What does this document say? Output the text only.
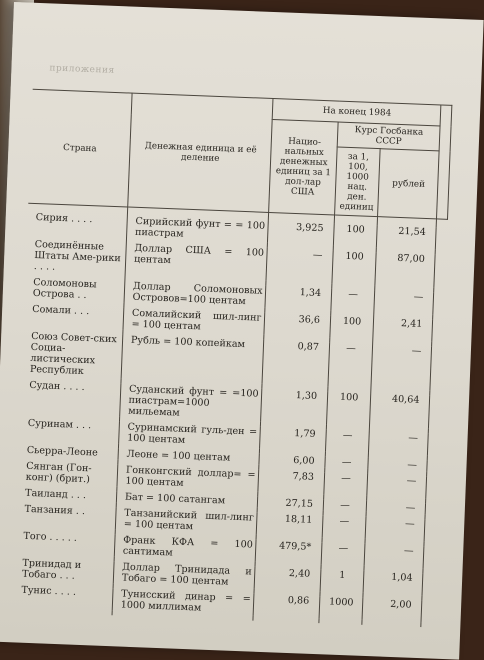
приложения
Страна	Денежная единица и её деление	На конец 1984			
		Нацио-нальных денежных единиц за 1 дол-лар США	Курс Госбанка СССР		
			за 1, 100, 1000 нац. ден. единиц	рублей	

Сирия . . . .	Сирийский фунт = = 100 пиастрам	3,925	100	21,54	

Соединённые Штаты Аме-рики . . . .	Доллар США = 100 центам	—	100	87,00	

Соломоновы Острова . .	Доллар Соломоновых Островов=100 центам	1,34	—	—	

Сомали . . .	Сомалийский шил-линг = 100 центам	36,6	100	2,41	

Союз Совет-ских Социа-листических Республик	Рубль = 100 копейкам	0,87	—	—	

Судан . . . .	Суданский фунт = =100 пиастрам=1000 мильемам	1,30	100	40,64	

Суринам . . .	Суринамский гуль-ден = 100 центам	1,79	—	—	

Сьерра-Леоне	Леоне = 100 центам	6,00	—	—	

Сянган (Гон-конг) (брит.)	Гонконгский доллар= = 100 центам	7,83	—	—	

Таиланд . . .	Бат = 100 сатангам	27,15	—	—	

Танзания . .	Танзанийский шил-линг = 100 центам	18,11	—	—	

Того . . . . .	Франк КФА = 100 сантимам	479,5*	—	—	

Тринидад и Тобаго . . .	Доллар Тринидада и Тобаго = 100 центам	2,40	1	1,04	

Тунис . . . .	Тунисский динар = = 1000 миллимам	0,86	1000	2,00	
